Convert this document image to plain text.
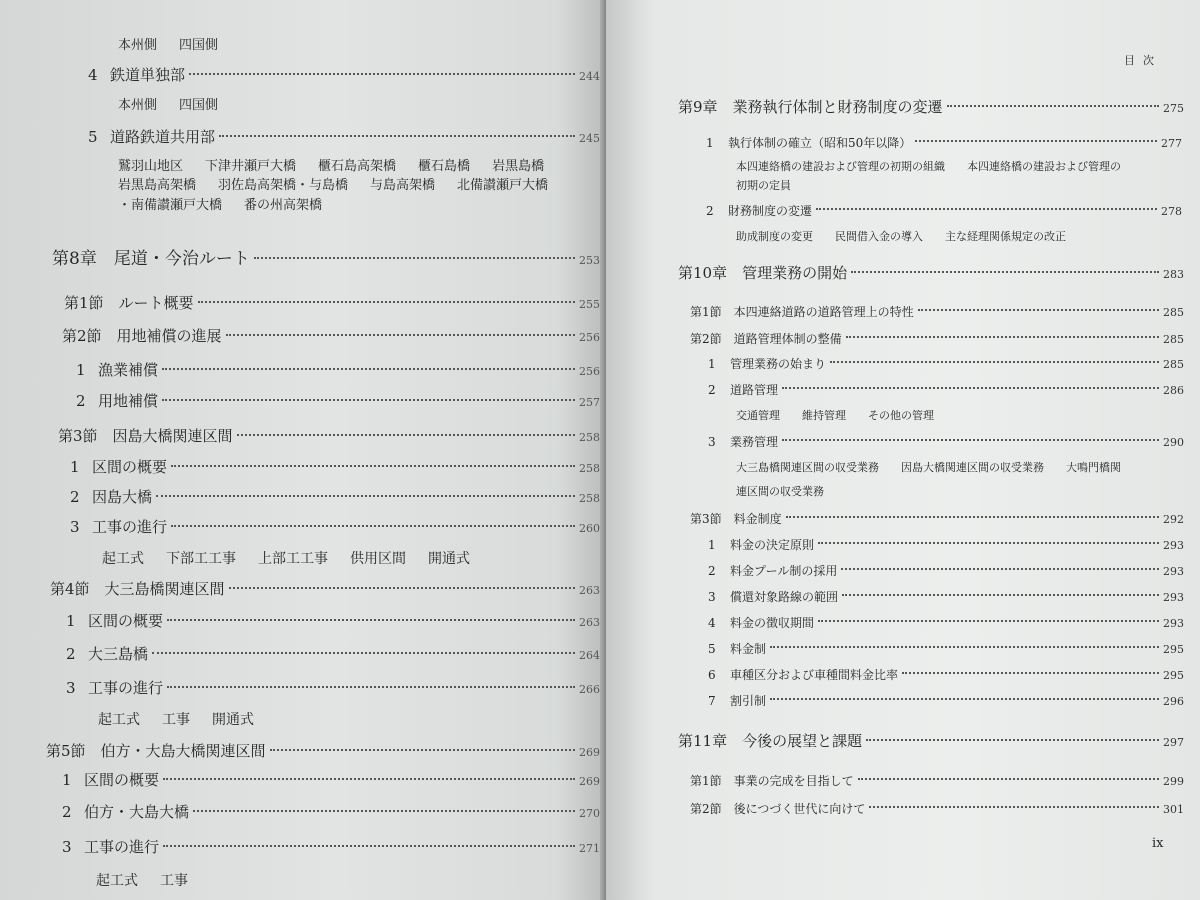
本州側 四国側
4 鉄道単独部	244
本州側 四国側
5 道路鉄道共用部	245
鷲羽山地区 下津井瀬戸大橋 櫃石島高架橋 櫃石島橋 岩黒島橋
岩黒島高架橋 羽佐島高架橋・与島橋 与島高架橋 北備讃瀬戸大橋
・南備讃瀬戸大橋 番の州高架橋
第8章　尾道・今治ルート	253
第1節　ルート概要	255
第2節　用地補償の進展	256
1 漁業補償	256
2 用地補償	257
第3節　因島大橋関連区間	258
1 区間の概要	258
2 因島大橋	258
3 工事の進行	260
起工式 下部工工事 上部工工事 供用区間 開通式
第4節　大三島橋関連区間	263
1 区間の概要	263
2 大三島橋	264
3 工事の進行	266
起工式 工事 開通式
第5節　伯方・大島大橋関連区間	269
1 区間の概要	269
2 伯方・大島大橋	270
3 工事の進行	271
起工式 工事
目次
第9章　業務執行体制と財務制度の変遷	275
1 執行体制の確立（昭和50年以降）	277
本四連絡橋の建設および管理の初期の組織 本四連絡橋の建設および管理の
初期の定員
2 財務制度の変遷	278
助成制度の変更 民間借入金の導入 主な経理関係規定の改正
第10章　管理業務の開始	283
第1節　本四連絡道路の道路管理上の特性	285
第2節　道路管理体制の整備	285
1 管理業務の始まり	285
2 道路管理	286
交通管理 維持管理 その他の管理
3 業務管理	290
大三島橋関連区間の収受業務 因島大橋関連区間の収受業務 大鳴門橋関
連区間の収受業務
第3節　料金制度	292
1 料金の決定原則	293
2 料金プール制の採用	293
3 償還対象路線の範囲	293
4 料金の徴収期間	293
5 料金制	295
6 車種区分および車種間料金比率	295
7 割引制	296
第11章　今後の展望と課題	297
第1節　事業の完成を目指して	299
第2節　後につづく世代に向けて	301
ix
